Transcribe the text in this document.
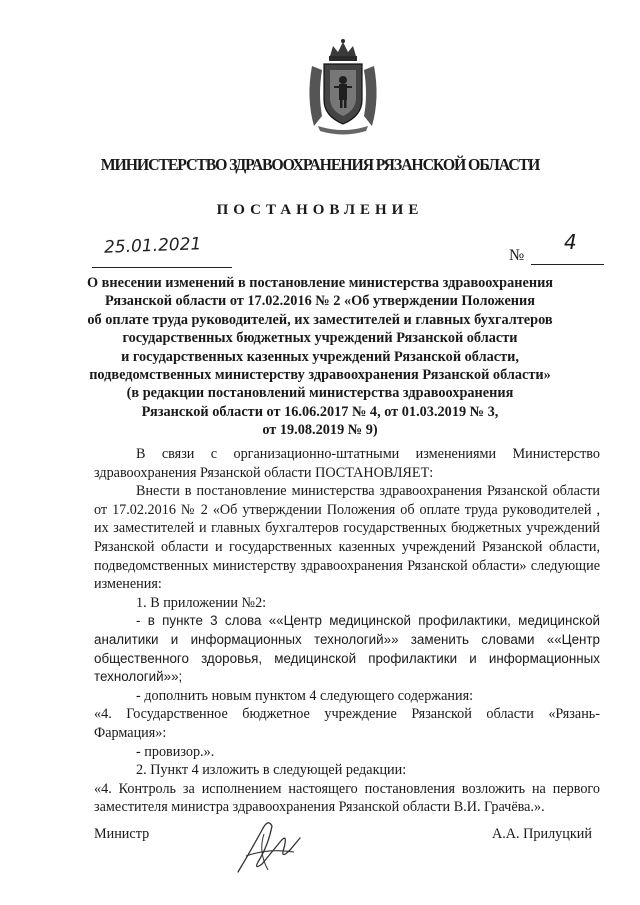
МИНИСТЕРСТВО ЗДРАВООХРАНЕНИЯ РЯЗАНСКОЙ ОБЛАСТИ
ПОСТАНОВЛЕНИЕ
25.01.2021	№
4
О внесении изменений в постановление министерства здравоохранения
Рязанской области от 17.02.2016 № 2 «Об утверждении Положения
об оплате труда руководителей, их заместителей и главных бухгалтеров
государственных бюджетных учреждений Рязанской области
и государственных казенных учреждений Рязанской области,
подведомственных министерству здравоохранения Рязанской области»
(в редакции постановлений министерства здравоохранения
Рязанской области от 16.06.2017 № 4, от 01.03.2019 № 3,
от 19.08.2019 № 9)

В связи с организационно-штатными изменениями Министерство здравоохранения Рязанской области ПОСТАНОВЛЯЕТ:

Внести в постановление министерства здравоохранения Рязанской области от 17.02.2016 № 2 «Об утверждении Положения об оплате труда руководителей , их заместителей и главных бухгалтеров государственных бюджетных учреждений Рязанской области и государственных казенных учреждений Рязанской области, подведомственных министерству здравоохранения Рязанской области» следующие изменения:

1. В приложении №2:

- в пункте 3 слова ««Центр медицинской профилактики, медицинской аналитики и информационных технологий»» заменить словами ««Центр общественного здоровья, медицинской профилактики и информационных технологий»»;

- дополнить новым пунктом 4 следующего содержания:

«4. Государственное бюджетное учреждение Рязанской области «Рязань-Фармация»:

- провизор.».

2. Пункт 4 изложить в следующей редакции:

«4. Контроль за исполнением настоящего постановления возложить на первого заместителя министра здравоохранения Рязанской области В.И. Грачёва.».

Министр	А.А. Прилуцкий
